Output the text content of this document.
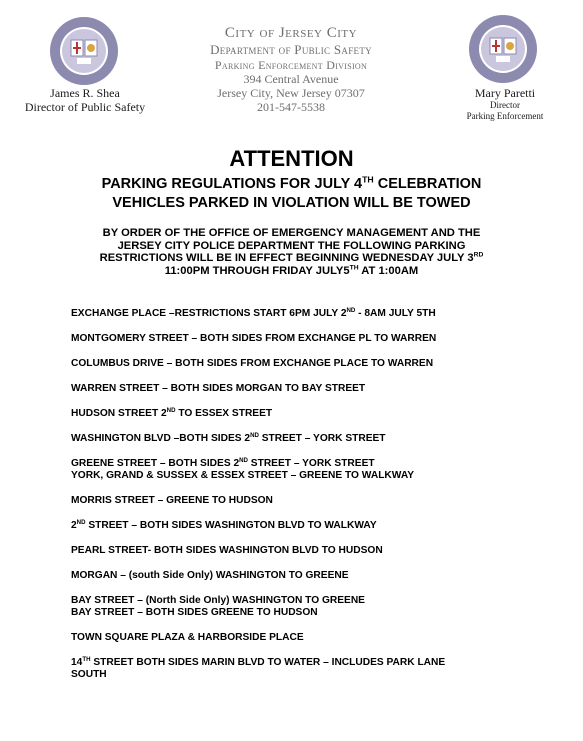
James R. Shea
Director of Public Safety
Mary Paretti
Director
Parking Enforcement
City of Jersey City
Department of Public Safety
Parking Enforcement Division
394 Central Avenue
Jersey City, New Jersey 07307
201-547-5538
ATTENTION
PARKING REGULATIONS FOR JULY 4TH CELEBRATION
VEHICLES PARKED IN VIOLATION WILL BE TOWED
BY ORDER OF THE OFFICE OF EMERGENCY MANAGEMENT AND THE
JERSEY CITY POLICE DEPARTMENT THE FOLLOWING PARKING
RESTRICTIONS WILL BE IN EFFECT BEGINNING WEDNESDAY JULY 3RD
11:00PM THROUGH FRIDAY JULY5TH AT 1:00AM
EXCHANGE PLACE –RESTRICTIONS START 6PM JULY 2ND - 8AM JULY 5TH
MONTGOMERY STREET – BOTH SIDES FROM EXCHANGE PL TO WARREN
COLUMBUS DRIVE – BOTH SIDES FROM EXCHANGE PLACE TO WARREN
WARREN STREET – BOTH SIDES MORGAN TO BAY STREET
HUDSON STREET 2ND TO ESSEX STREET
WASHINGTON BLVD –BOTH SIDES 2ND STREET – YORK STREET
GREENE STREET – BOTH SIDES 2ND STREET – YORK STREET
YORK, GRAND & SUSSEX & ESSEX STREET – GREENE TO WALKWAY
MORRIS STREET – GREENE TO HUDSON
2ND STREET – BOTH SIDES WASHINGTON BLVD TO WALKWAY
PEARL STREET- BOTH SIDES WASHINGTON BLVD TO HUDSON
MORGAN – (south Side Only) WASHINGTON TO GREENE
BAY STREET – (North Side Only) WASHINGTON TO GREENE
BAY STREET – BOTH SIDES GREENE TO HUDSON
TOWN SQUARE PLAZA & HARBORSIDE PLACE
14TH STREET BOTH SIDES MARIN BLVD TO WATER – INCLUDES PARK LANE
SOUTH
